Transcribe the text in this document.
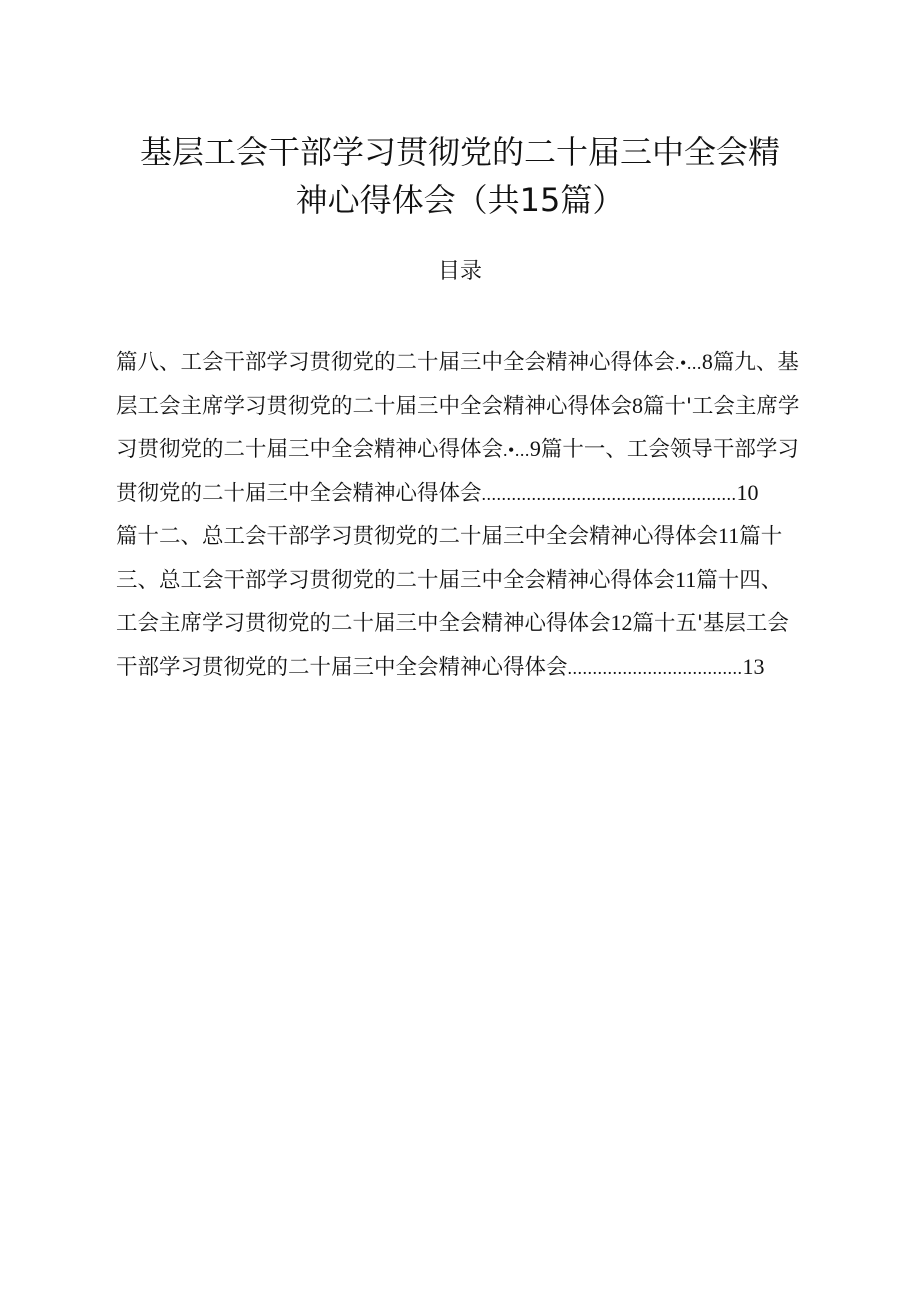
基层工会干部学习贯彻党的二十届三中全会精
神心得体会（共15篇）
目录
篇八、工会干部学习贯彻党的二十届三中全会精神心得体会.•...8篇九、基
层工会主席学习贯彻党的二十届三中全会精神心得体会8篇十'工会主席学
习贯彻党的二十届三中全会精神心得体会.•...9篇十一、工会领导干部学习
贯彻党的二十届三中全会精神心得体会...................................................10
篇十二、总工会干部学习贯彻党的二十届三中全会精神心得体会11篇十
三、总工会干部学习贯彻党的二十届三中全会精神心得体会11篇十四、
工会主席学习贯彻党的二十届三中全会精神心得体会12篇十五'基层工会
干部学习贯彻党的二十届三中全会精神心得体会...................................13
